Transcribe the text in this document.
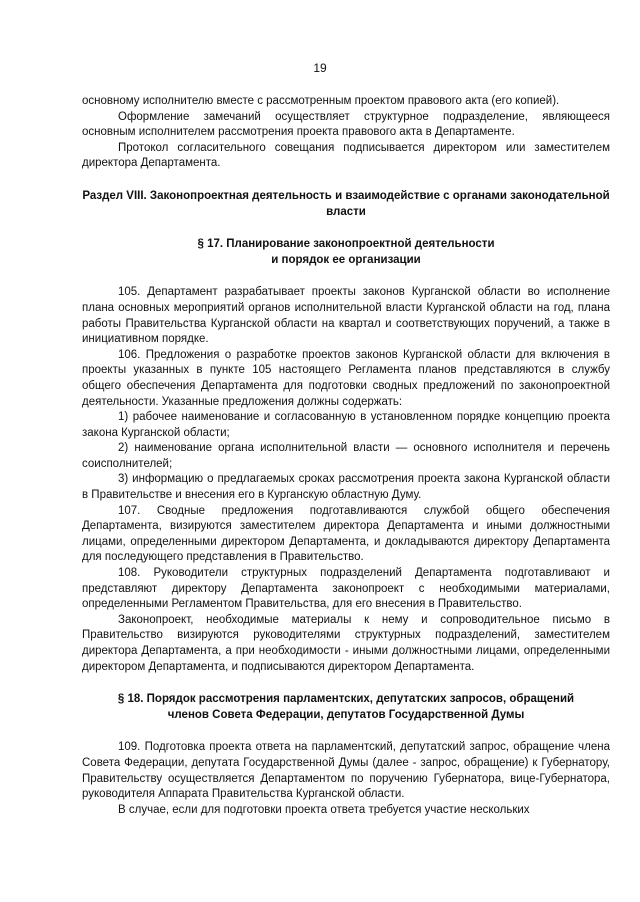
19

основному исполнителю вместе с рассмотренным проектом правового акта (его копией).

Оформление замечаний осуществляет структурное подразделение, являющееся основным исполнителем рассмотрения проекта правового акта в Департаменте.

Протокол согласительного совещания подписывается директором или заместителем директора Департамента.

Раздел VIII. Законопроектная деятельность и взаимодействие с органами законодательной власти

§ 17. Планирование законопроектной деятельности

и порядок ее организации

105. Департамент разрабатывает проекты законов Курганской области во исполнение плана основных мероприятий органов исполнительной власти Курганской области на год, плана работы Правительства Курганской области на квартал и соответствующих поручений, а также в инициативном порядке.

106. Предложения о разработке проектов законов Курганской области для включения в проекты указанных в пункте 105 настоящего Регламента планов представляются в службу общего обеспечения Департамента для подготовки сводных предложений по законопроектной деятельности. Указанные предложения должны содержать:

1) рабочее наименование и согласованную в установленном порядке концепцию проекта закона Курганской области;

2) наименование органа исполнительной власти — основного исполнителя и перечень соисполнителей;

3) информацию о предлагаемых сроках рассмотрения проекта закона Курганской области в Правительстве и внесения его в Курганскую областную Думу.

107. Сводные предложения подготавливаются службой общего обеспечения Департамента, визируются заместителем директора Департамента и иными должностными лицами, определенными директором Департамента, и докладываются директору Департамента для последующего представления в Правительство.

108. Руководители структурных подразделений Департамента подготавливают и представляют директору Департамента законопроект с необходимыми материалами, определенными Регламентом Правительства, для его внесения в Правительство.

Законопроект, необходимые материалы к нему и сопроводительное письмо в Правительство визируются руководителями структурных подразделений, заместителем директора Департамента, а при необходимости - иными должностными лицами, определенными директором Департамента, и подписываются директором Департамента.

§ 18. Порядок рассмотрения парламентских, депутатских запросов, обращений

членов Совета Федерации, депутатов Государственной Думы

109. Подготовка проекта ответа на парламентский, депутатский запрос, обращение члена Совета Федерации, депутата Государственной Думы (далее - запрос, обращение) к Губернатору, Правительству осуществляется Департаментом по поручению Губернатора, вице-Губернатора, руководителя Аппарата Правительства Курганской области.

В случае, если для подготовки проекта ответа требуется участие нескольких
